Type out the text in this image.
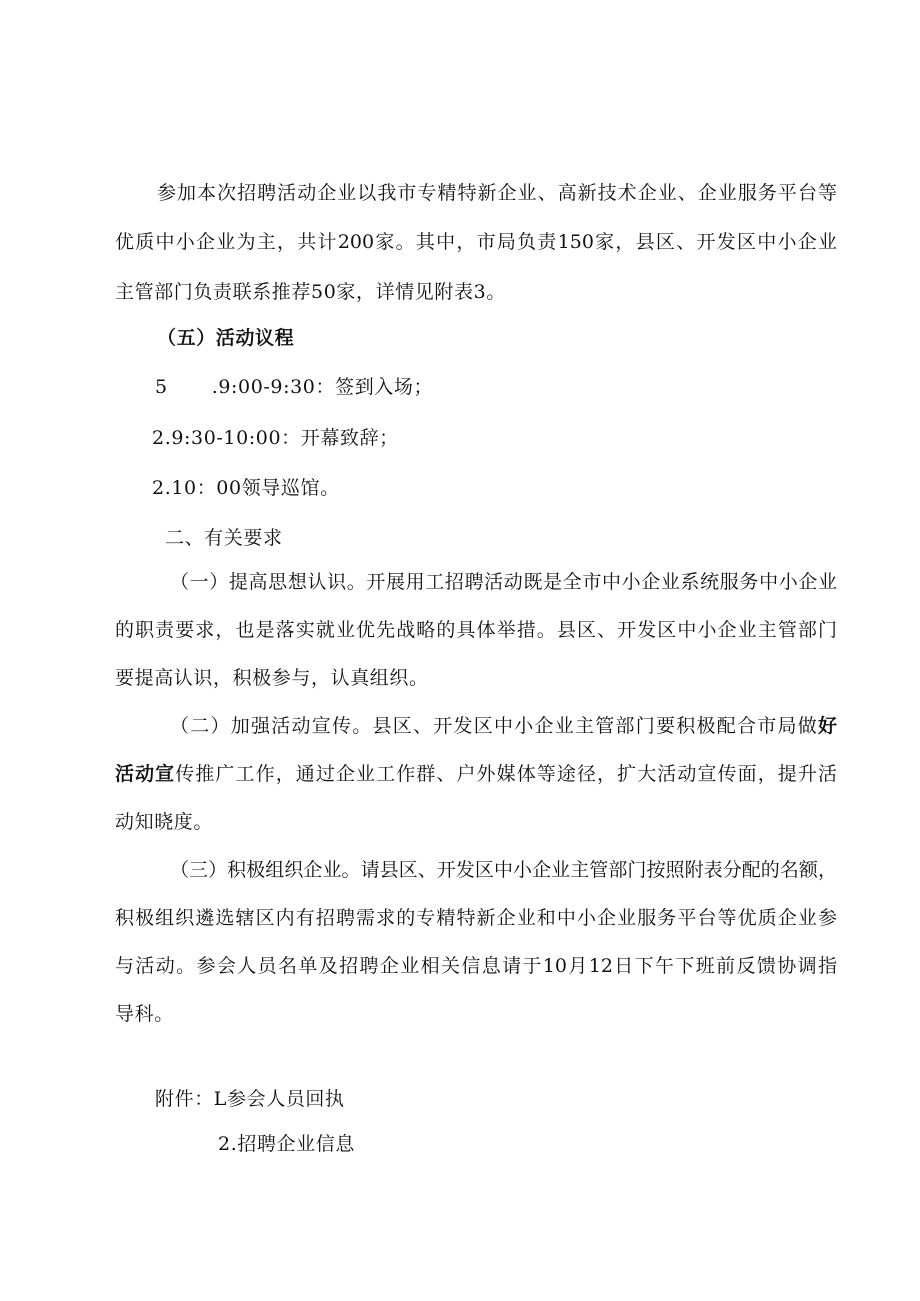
参加本次招聘活动企业以我市专精特新企业、高新技术企业、企业服务平台等
优质中小企业为主，共计200家。其中，市局负责150家，县区、开发区中小企业
主管部门负责联系推荐50家，详情见附表3。
（五）活动议程
5 .9:00-9:30：签到入场；
2.9:30-10:00：开幕致辞；
2.10：00领导巡馆。
二、有关要求
（一）提高思想认识。开展用工招聘活动既是全市中小企业系统服务中小企业
的职责要求，也是落实就业优先战略的具体举措。县区、开发区中小企业主管部门
要提高认识，积极参与，认真组织。
（二）加强活动宣传。县区、开发区中小企业主管部门要积极配合市局做好
活动宣传推广工作，通过企业工作群、户外媒体等途径，扩大活动宣传面，提升活
动知晓度。
（三）积极组织企业。请县区、开发区中小企业主管部门按照附表分配的名额，
积极组织遴选辖区内有招聘需求的专精特新企业和中小企业服务平台等优质企业参
与活动。参会人员名单及招聘企业相关信息请于10月12日下午下班前反馈协调指
导科。
附件：L参会人员回执
2.招聘企业信息
